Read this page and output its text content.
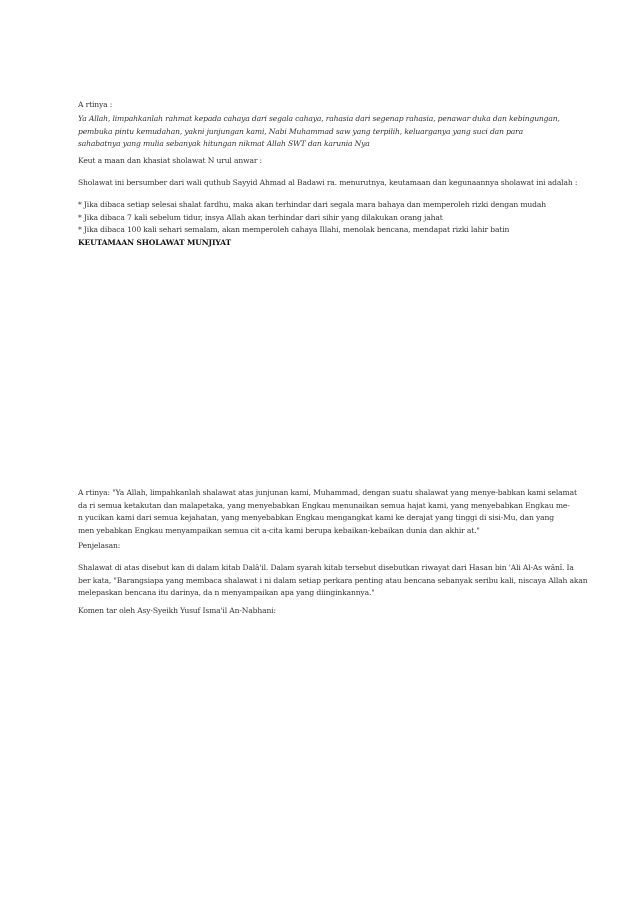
A rtinya :
Ya Allah, limpahkanlah rahmat kepada cahaya dari segala cahaya, rahasia dari segenap rahasia, penawar duka dan kebingungan,
pembuka pintu kemudahan, yakni junjungan kami, Nabi Muhammad saw yang terpilih, keluarganya yang suci dan para
sahabatnya yang mulia sebanyak hitungan nikmat Allah SWT dan karunia Nya
Keut a maan dan khasiat sholawat N urul anwar :
Sholawat ini bersumber dari wali quthub Sayyid Ahmad al Badawi ra. menurutnya, keutamaan dan kegunaannya sholawat ini adalah :
* Jika dibaca setiap selesai shalat fardhu, maka akan terhindar dari segala mara bahaya dan memperoleh rizki dengan mudah
* Jika dibaca 7 kali sebelum tidur, insya Allah akan terhindar dari sihir yang dilakukan orang jahat
* Jika dibaca 100 kali sehari semalam, akan memperoleh cahaya Illahi, menolak bencana, mendapat rizki lahir batin
KEUTAMAAN SHOLAWAT MUNJIYAT
A rtinya: "Ya Allah, limpahkanlah shalawat atas junjunan kami, Muhammad, dengan suatu shalawat yang menye-babkan kami selamat
da ri semua ketakutan dan malapetaka, yang menyebabkan Engkau menunaikan semua hajat kami, yang menyebabkan Engkau me-
n yucikan kami dari semua kejahatan, yang menyebabkan Engkau mengangkat kami ke derajat yang tinggi di sisi-Mu, dan yang
men yebabkan Engkau menyampaikan semua cit a-cita kami berupa kebaikan-kebaikan dunia dan akhir at."
Penjelasan:
Shalawat di atas disebut kan di dalam kitab Dalâ'il. Dalam syarah kitab tersebut disebutkan riwayat dari Hasan bin 'Ali Al-As wânî. Ia
ber kata, "Barangsiapa yang membaca shalawat i ni dalam setiap perkara penting atau bencana sebanyak seribu kali, niscaya Allah akan
melepaskan bencana itu darinya, da n menyampaikan apa yang diinginkannya."
Komen tar oleh Asy-Syeikh Yusuf Isma'il An-Nabhani:
